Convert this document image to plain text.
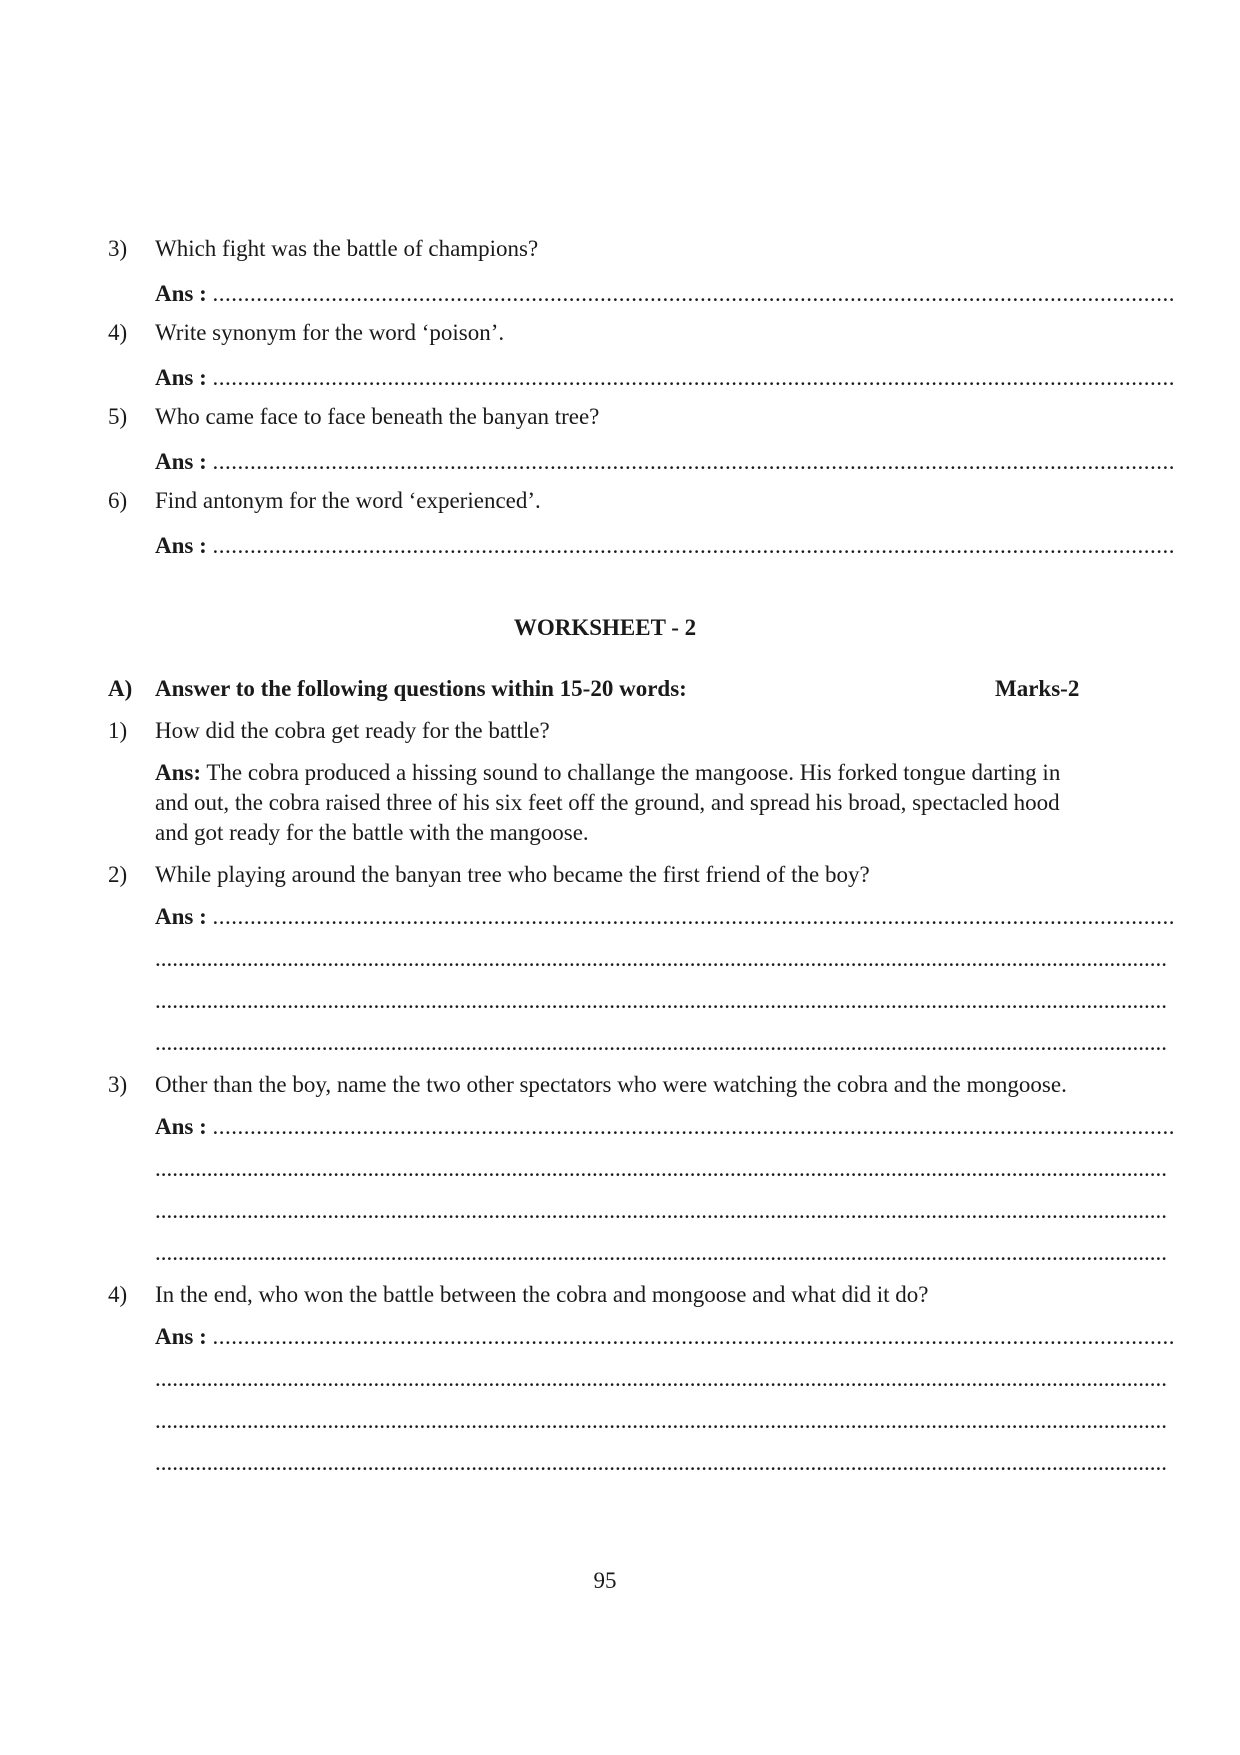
3) Which fight was the battle of champions?
Ans : ..........................................................................................................................................................
4) Write synonym for the word ‘poison’.
Ans : ..........................................................................................................................................................
5) Who came face to face beneath the banyan tree?
Ans : ..........................................................................................................................................................
6) Find antonym for the word ‘experienced’.
Ans : ..........................................................................................................................................................
WORKSHEET - 2
A) Answer to the following questions within 15-20 words:	Marks-2
1) How did the cobra get ready for the battle?
Ans: The cobra produced a hissing sound to challange the mangoose. His forked tongue darting in
and out, the cobra raised three of his six feet off the ground, and spread his broad, spectacled hood
and got ready for the battle with the mangoose.
2) While playing around the banyan tree who became the first friend of the boy?
Ans : ..........................................................................................................................................................
................................................................................................................................................................................
................................................................................................................................................................................
................................................................................................................................................................................
3) Other than the boy, name the two other spectators who were watching the cobra and the mongoose.
Ans : ..........................................................................................................................................................
................................................................................................................................................................................
................................................................................................................................................................................
................................................................................................................................................................................
4) In the end, who won the battle between the cobra and mongoose and what did it do?
Ans : ..........................................................................................................................................................
................................................................................................................................................................................
................................................................................................................................................................................
................................................................................................................................................................................
95
